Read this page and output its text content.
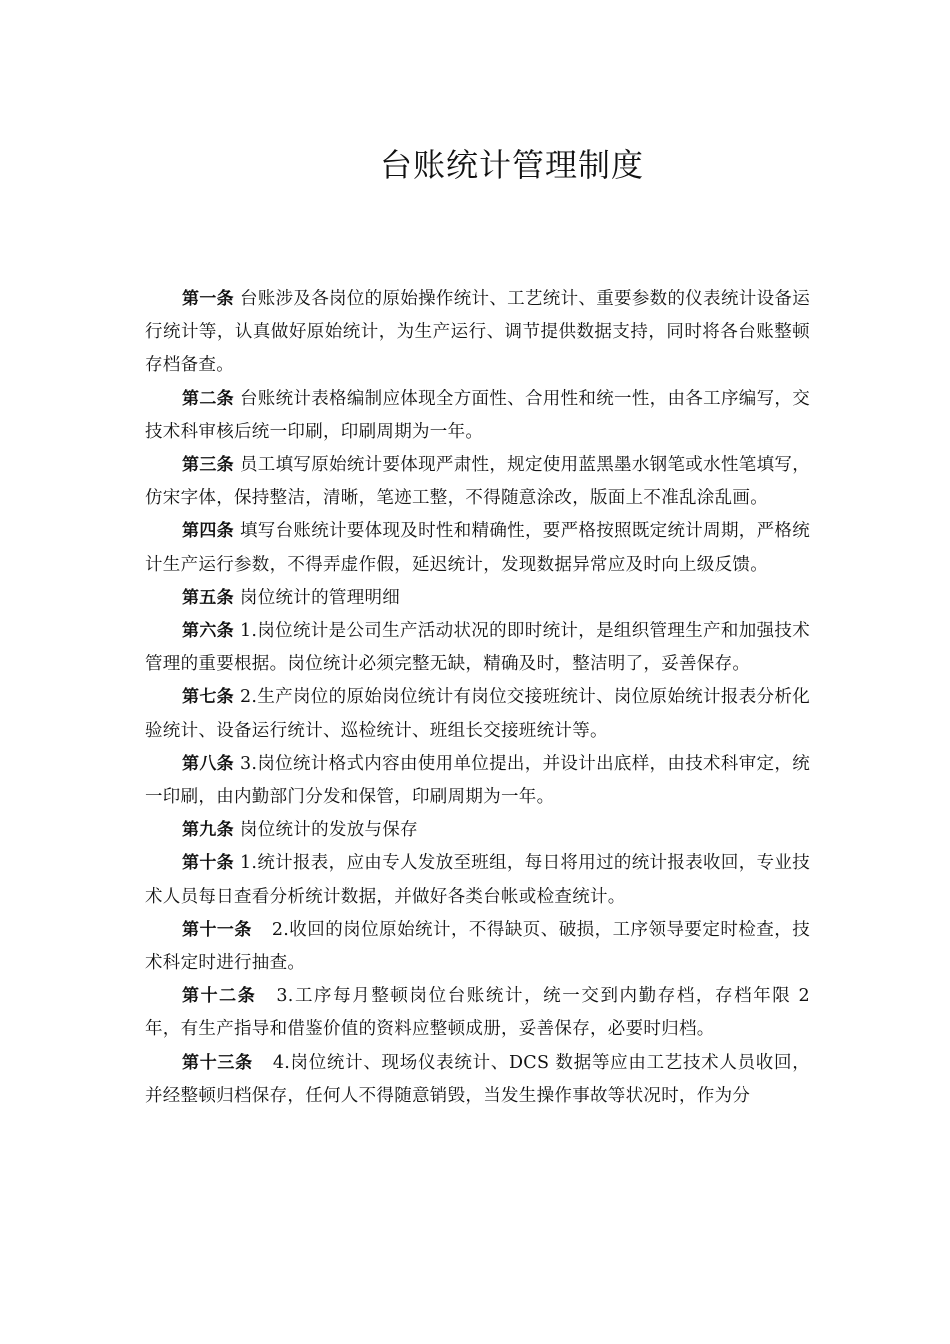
台账统计管理制度

第一条 台账涉及各岗位的原始操作统计、工艺统计、重要参数的仪表统计设备运行统计等，认真做好原始统计，为生产运行、调节提供数据支持，同时将各台账整顿存档备查。

第二条 台账统计表格编制应体现全方面性、合用性和统一性，由各工序编写，交技术科审核后统一印刷，印刷周期为一年。

第三条 员工填写原始统计要体现严肃性，规定使用蓝黑墨水钢笔或水性笔填写，仿宋字体，保持整洁，清晰，笔迹工整，不得随意涂改，版面上不准乱涂乱画。

第四条 填写台账统计要体现及时性和精确性，要严格按照既定统计周期，严格统计生产运行参数，不得弄虚作假，延迟统计，发现数据异常应及时向上级反馈。

第五条 岗位统计的管理明细

第六条 1.岗位统计是公司生产活动状况的即时统计，是组织管理生产和加强技术管理的重要根据。岗位统计必须完整无缺，精确及时，整洁明了，妥善保存。

第七条 2.生产岗位的原始岗位统计有岗位交接班统计、岗位原始统计报表分析化验统计、设备运行统计、巡检统计、班组长交接班统计等。

第八条 3.岗位统计格式内容由使用单位提出，并设计出底样，由技术科审定，统一印刷，由内勤部门分发和保管，印刷周期为一年。

第九条 岗位统计的发放与保存

第十条 1.统计报表，应由专人发放至班组，每日将用过的统计报表收回，专业技术人员每日查看分析统计数据，并做好各类台帐或检查统计。

第十一条 2.收回的岗位原始统计，不得缺页、破损，工序领导要定时检查，技术科定时进行抽查。

第十二条 3.工序每月整顿岗位台账统计，统一交到内勤存档，存档年限 2 年，有生产指导和借鉴价值的资料应整顿成册，妥善保存，必要时归档。

第十三条 4.岗位统计、现场仪表统计、DCS 数据等应由工艺技术人员收回，并经整顿归档保存，任何人不得随意销毁，当发生操作事故等状况时，作为分
